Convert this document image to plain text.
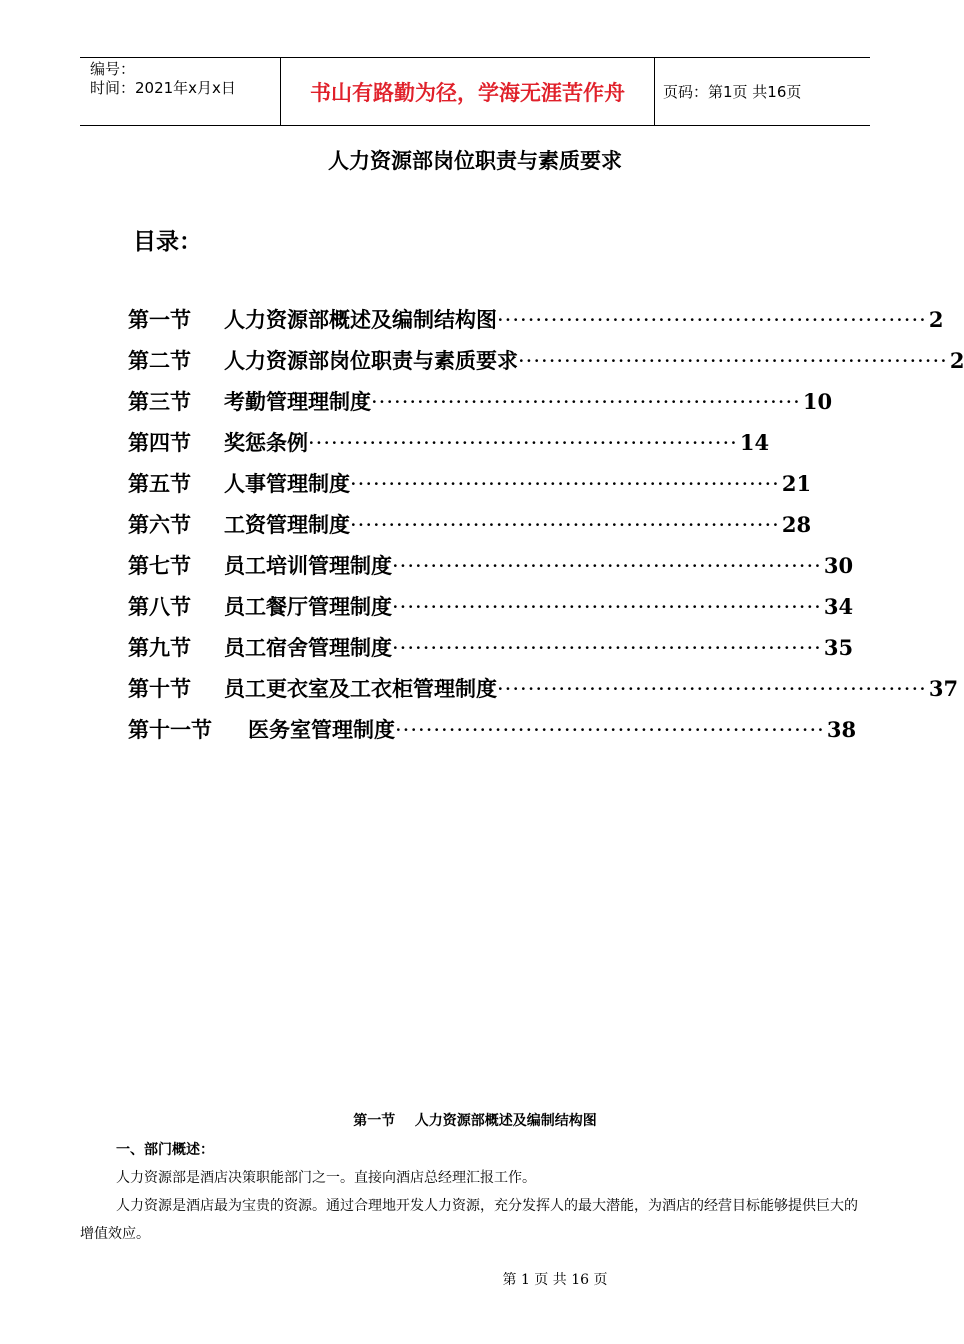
编号：
时间：2021年x月x日	书山有路勤为径，学海无涯苦作舟	页码：第1页 共16页
人力资源部岗位职责与素质要求
目录：
第一节	人力资源部概述及编制结构图 ························································ 2
第二节	人力资源部岗位职责与素质要求 ························································ 2
第三节	考勤管理理制度 ························································ 10
第四节	奖惩条例 ························································ 14
第五节	人事管理制度 ························································ 21
第六节	工资管理制度 ························································ 28
第七节	员工培训管理制度 ························································ 30
第八节	员工餐厅管理制度 ························································ 34
第九节	员工宿舍管理制度 ························································ 35
第十节	员工更衣室及工衣柜管理制度 ························································ 37
第十一节	医务室管理制度 ························································ 38
第一节    人力资源部概述及编制结构图
一、部门概述：
人力资源部是酒店决策职能部门之一。直接向酒店总经理汇报工作。
人力资源是酒店最为宝贵的资源。通过合理地开发人力资源，充分发挥人的最大潜能，为酒店的经营目标能够提供巨大的增值效应。
第 1 页 共 16 页
